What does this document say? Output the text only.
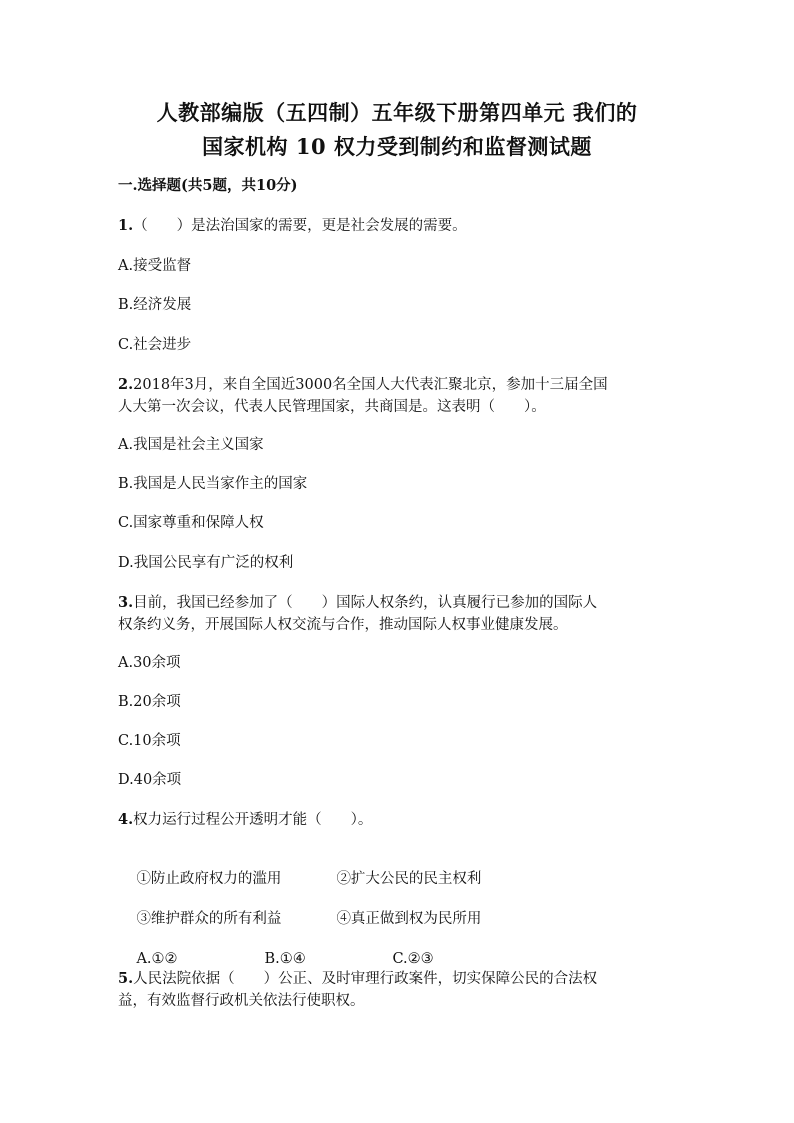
人教部编版（五四制）五年级下册第四单元 我们的
国家机构 10 权力受到制约和监督测试题
一.选择题(共5题，共10分)
1.（　　）是法治国家的需要，更是社会发展的需要。
A.接受监督
B.经济发展
C.社会进步
2.2018年3月，来自全国近3000名全国人大代表汇聚北京，参加十三届全国
人大第一次会议，代表人民管理国家，共商国是。这表明（　　）。
A.我国是社会主义国家
B.我国是人民当家作主的国家
C.国家尊重和保障人权
D.我国公民享有广泛的权利
3.目前，我国已经参加了（　　）国际人权条约，认真履行已参加的国际人
权条约义务，开展国际人权交流与合作，推动国际人权事业健康发展。
A.30余项
B.20余项
C.10余项
D.40余项
4.权力运行过程公开透明才能（　　）。

①防止政府权力的滥用	②扩大公民的民主权利

③维护群众的所有利益	④真正做到权为民所用

A.①②	B.①④	C.②③

5.人民法院依据（　　）公正、及时审理行政案件，切实保障公民的合法权
益，有效监督行政机关依法行使职权。
